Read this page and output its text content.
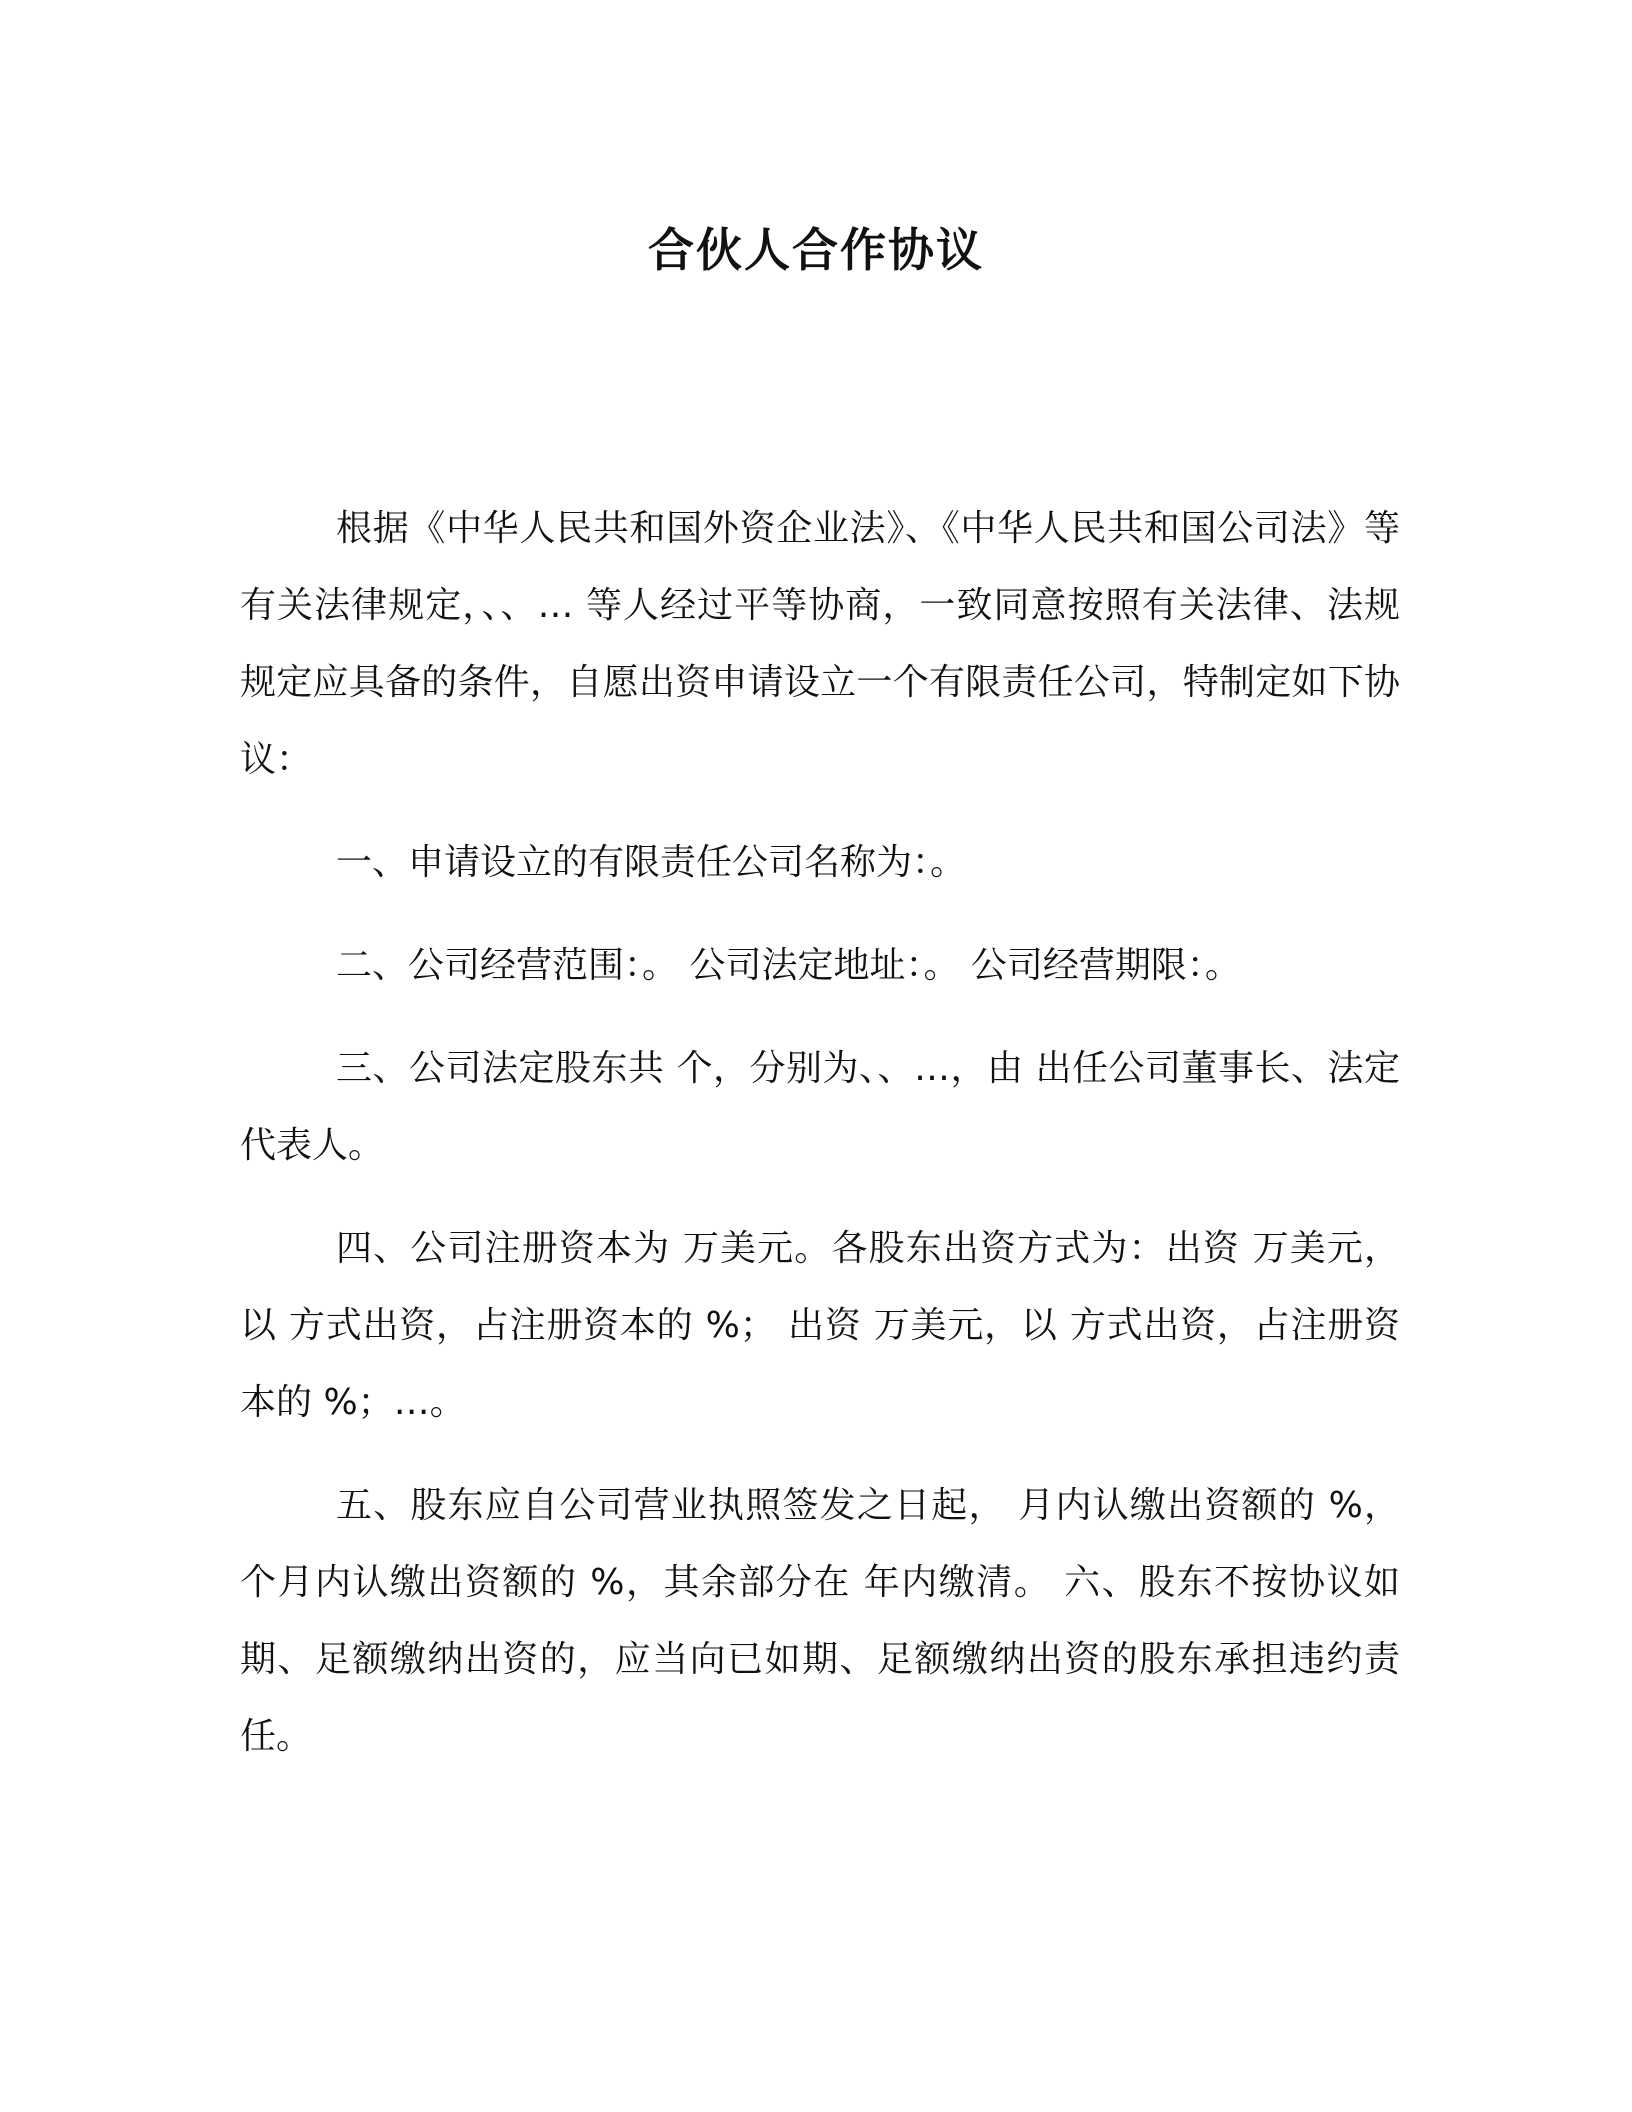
合伙人合作协议

根据《中华人民共和国外资企业法》、《中华人民共和国公司法》等有关法律规定，、、… 等人经过平等协商，一致同意按照有关法律、法规规定应具备的条件，自愿出资申请设立一个有限责任公司，特制定如下协议：

一、申请设立的有限责任公司名称为：。

二、公司经营范围：。 公司法定地址：。 公司经营期限：。

三、公司法定股东共 个，分别为、、…，由 出任公司董事长、法定代表人。

四、公司注册资本为 万美元。各股东出资方式为：出资 万美元，以 方式出资，占注册资本的 %； 出资 万美元，以 方式出资，占注册资本的 %；…。

五、股东应自公司营业执照签发之日起， 月内认缴出资额的 %， 个月内认缴出资额的 %，其余部分在 年内缴清。 六、股东不按协议如期、足额缴纳出资的，应当向已如期、足额缴纳出资的股东承担违约责任。
